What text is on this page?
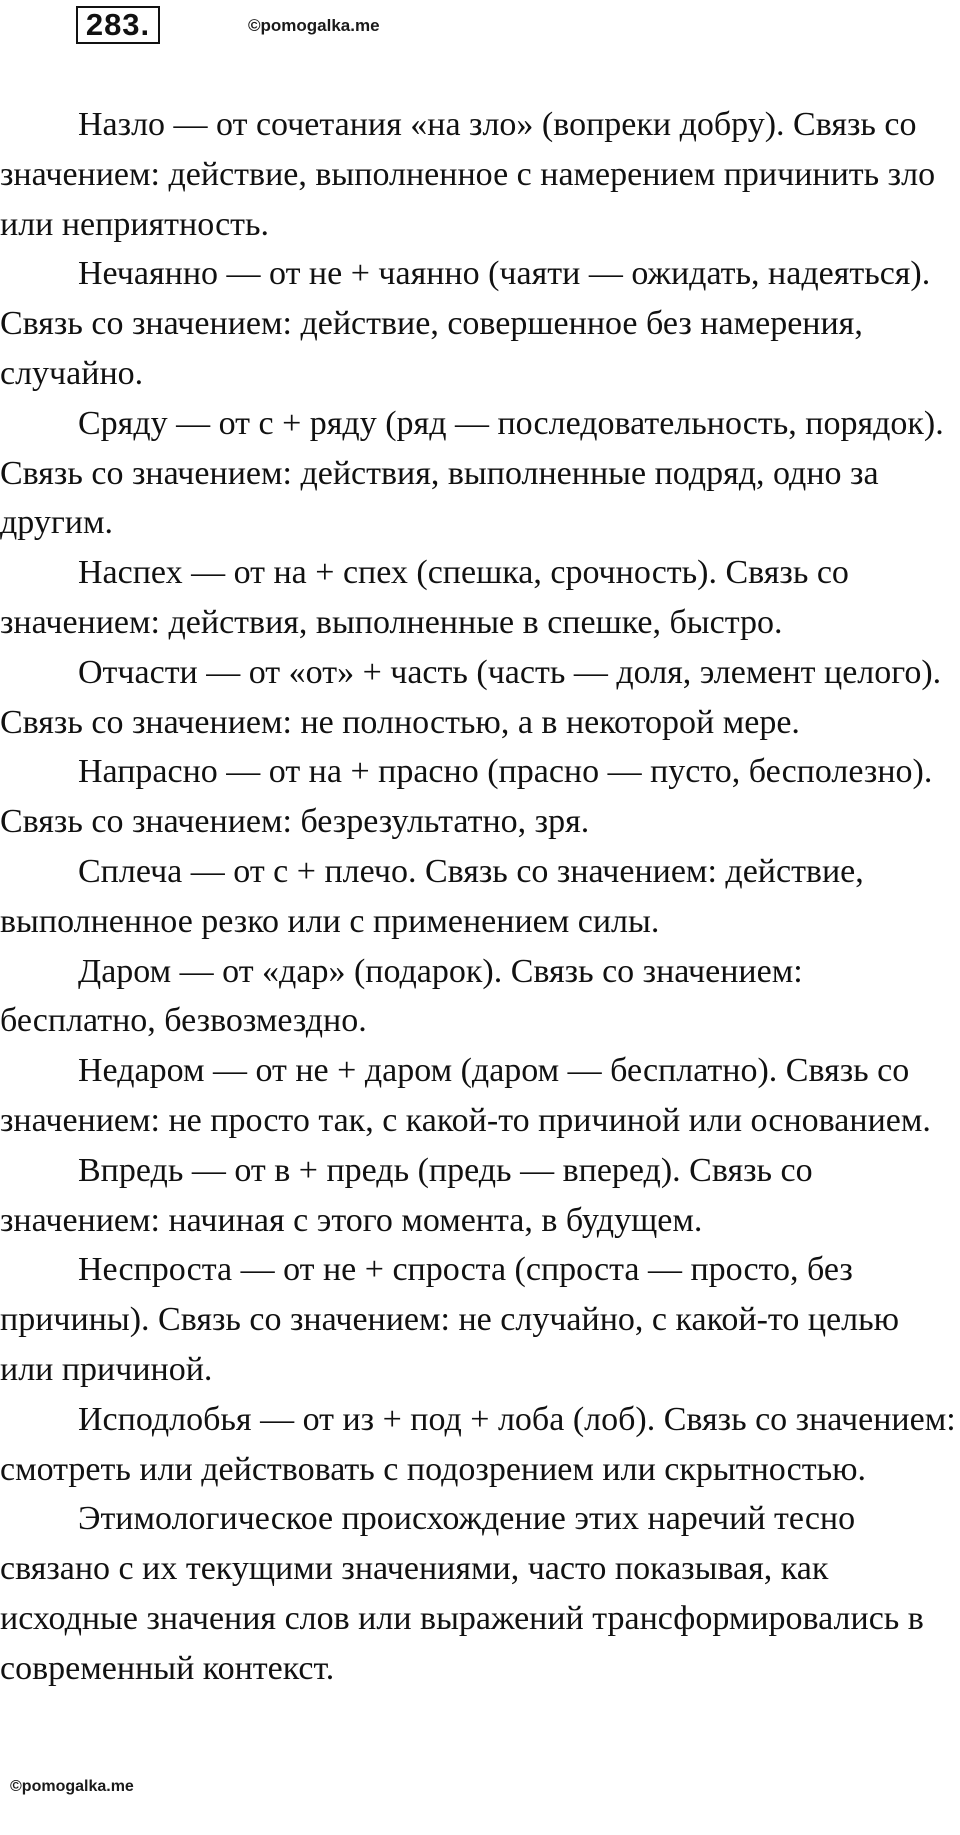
283.	©pomogalka.me

Назло — от сочетания «на зло» (вопреки добру). Связь со значением: действие, выполненное с намерением причинить зло или неприятность.

Нечаянно — от не + чаянно (чаяти — ожидать, надеяться). Связь со значением: действие, совершенное без намерения, случайно.

Сряду — от с + ряду (ряд — последовательность, порядок). Связь со значением: действия, выполненные подряд, одно за другим.

Наспех — от на + спех (спешка, срочность). Связь со значением: действия, выполненные в спешке, быстро.

Отчасти — от «от» + часть (часть — доля, элемент целого). Связь со значением: не полностью, а в некоторой мере.

Напрасно — от на + прасно (прасно — пусто, бесполезно). Связь со значением: безрезультатно, зря.

Сплеча — от с + плечо. Связь со значением: действие, выполненное резко или с применением силы.

Даром — от «дар» (подарок). Связь со значением: бесплатно, безвозмездно.

Недаром — от не + даром (даром — бесплатно). Связь со значением: не просто так, с какой-то причиной или основанием.

Впредь — от в + предь (предь — вперед). Связь со значением: начиная с этого момента, в будущем.

Неспроста — от не + спроста (спроста — просто, без причины). Связь со значением: не случайно, с какой-то целью или причиной.

Исподлобья — от из + под + лоба (лоб). Связь со значением: смотреть или действовать с подозрением или скрытностью.

Этимологическое происхождение этих наречий тесно связано с их текущими значениями, часто показывая, как исходные значения слов или выражений трансформировались в современный контекст.

©pomogalka.me
